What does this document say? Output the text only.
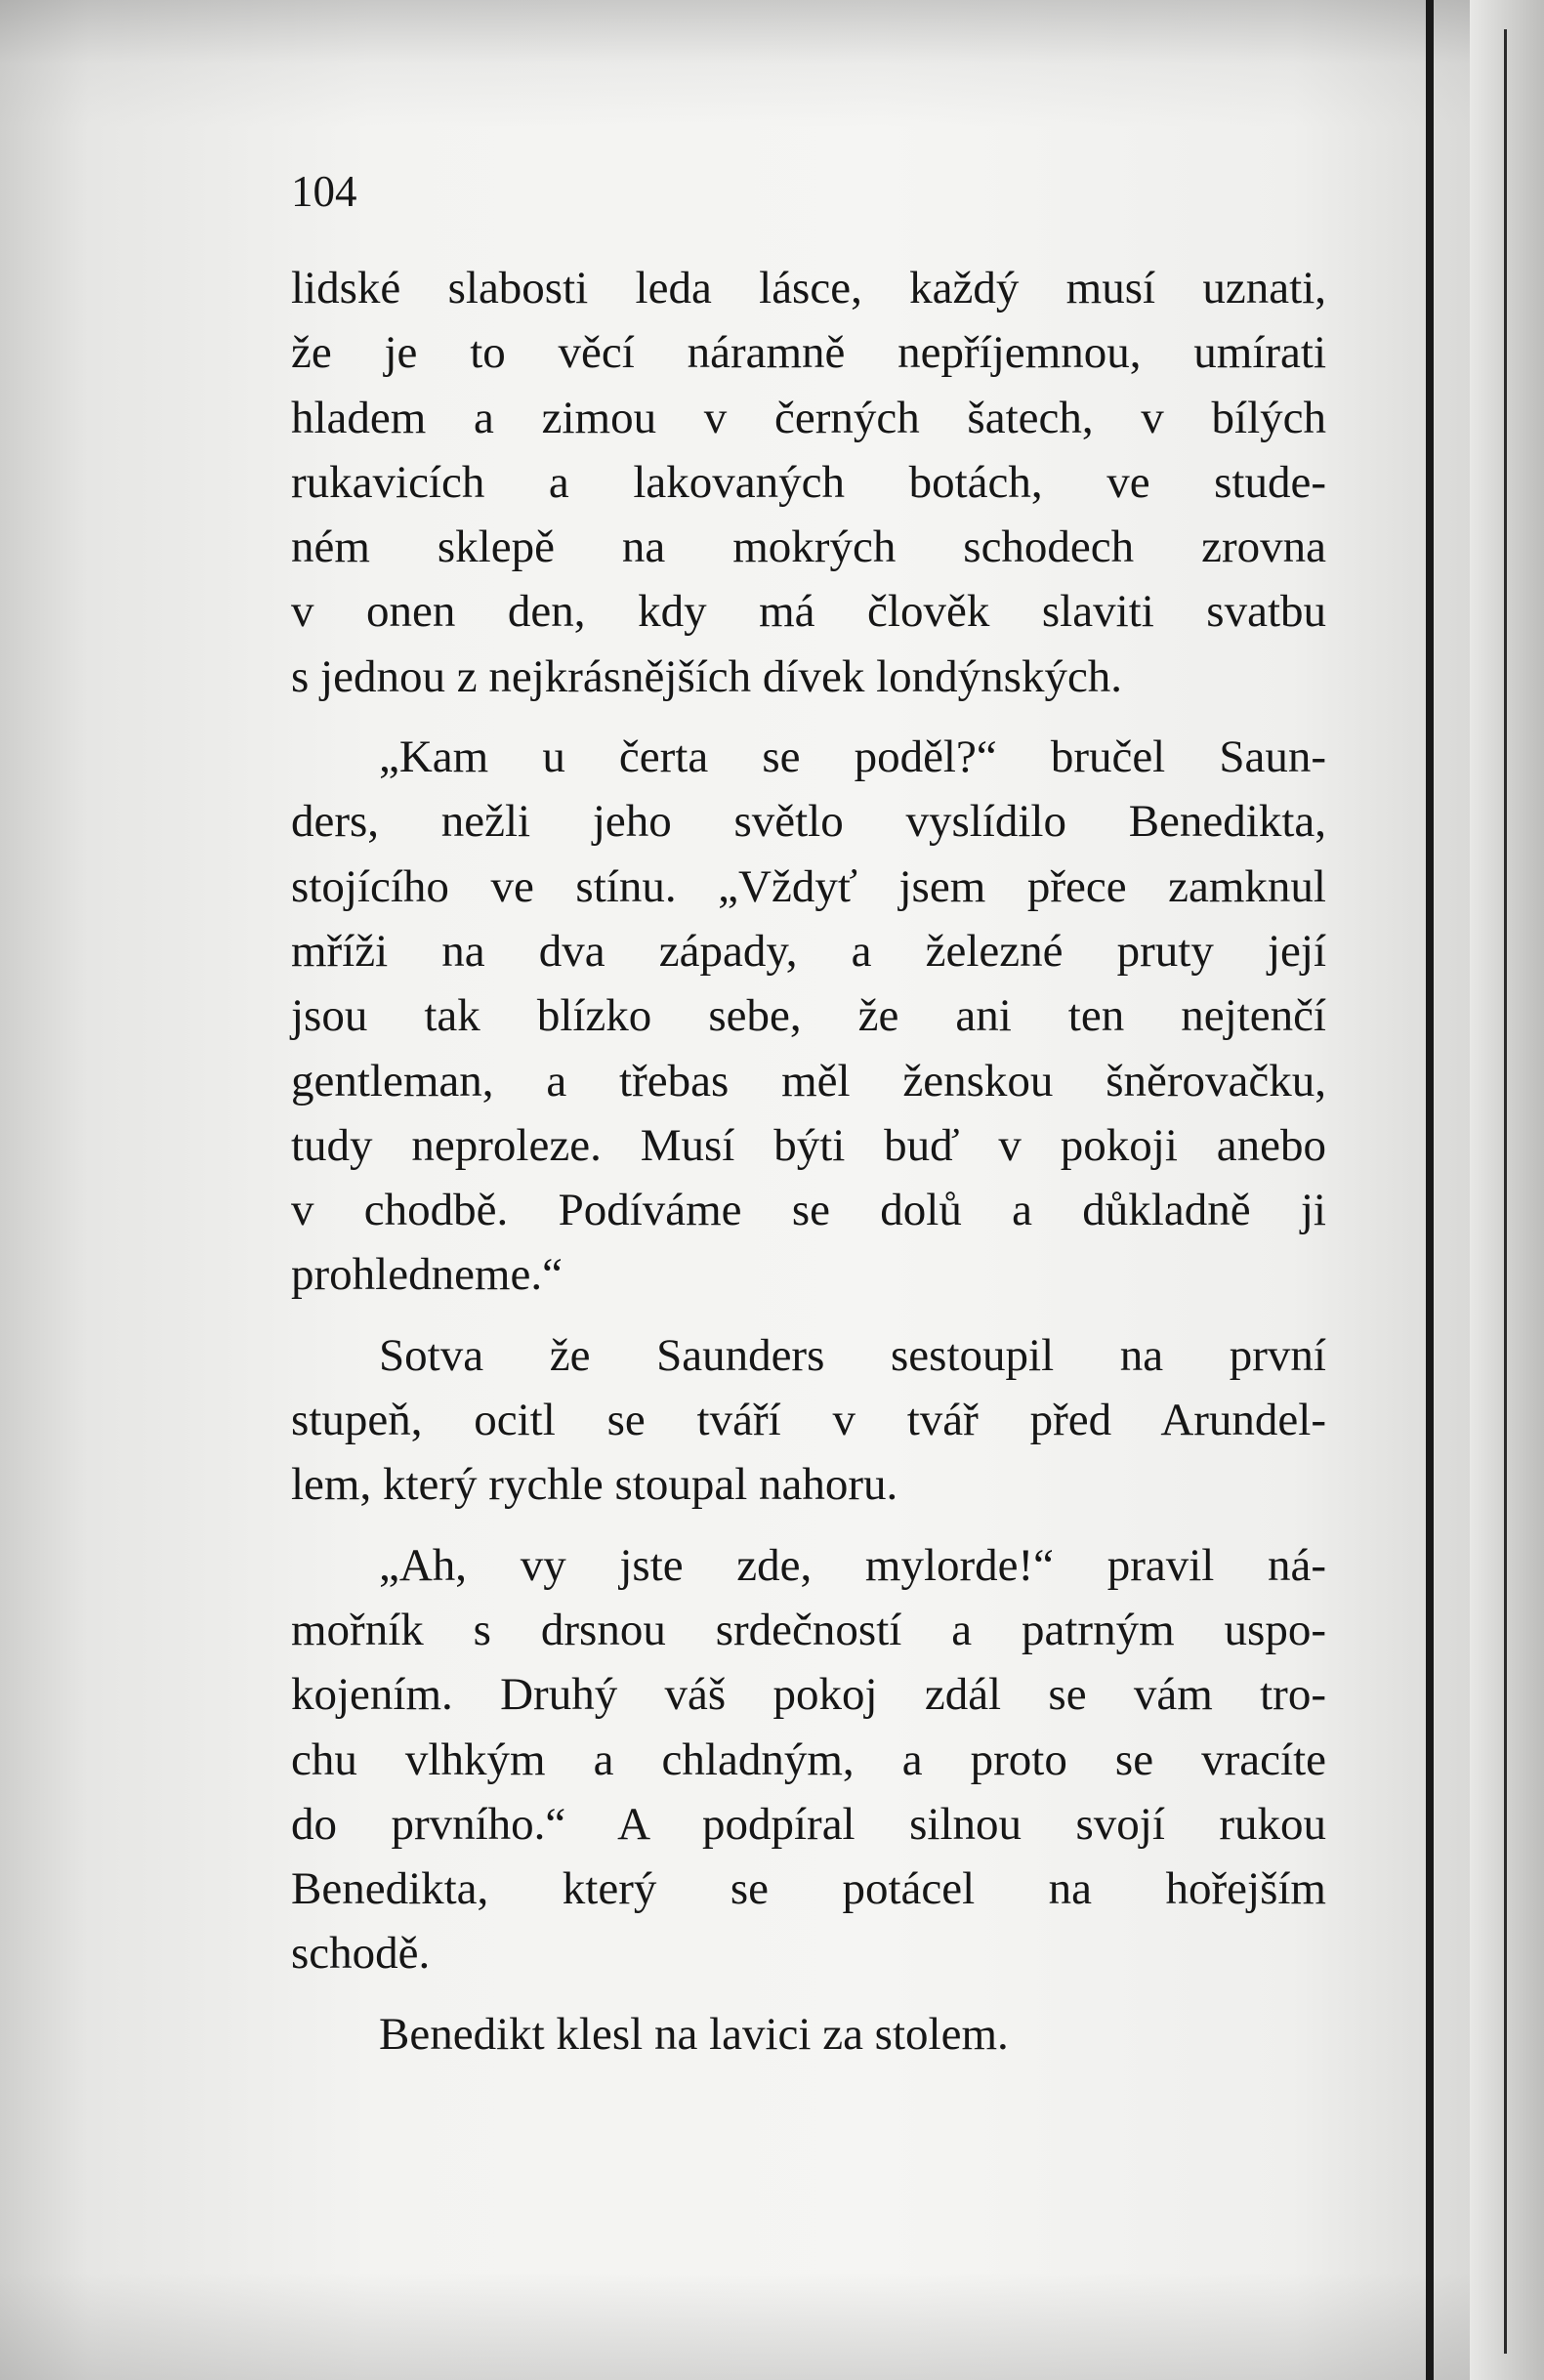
104

lidské slabosti leda lásce, každý musí uznati,
že je to věcí náramně nepříjemnou, umírati
hladem a zimou v černých šatech, v bílých
rukavicích a lakovaných botách, ve stude-
ném sklepě na mokrých schodech zrovna
v onen den, kdy má člověk slaviti svatbu
s jednou z nejkrásnějších dívek londýnských.
„Kam u čerta se poděl?“ bručel Saun-
ders, nežli jeho světlo vyslídilo Benedikta,
stojícího ve stínu. „Vždyť jsem přece zamknul
mříži na dva západy, a železné pruty její
jsou tak blízko sebe, že ani ten nejtenčí
gentleman, a třebas měl ženskou šněrovačku,
tudy neproleze. Musí býti buď v pokoji anebo
v chodbě. Podíváme se dolů a důkladně ji
prohledneme.“
Sotva že Saunders sestoupil na první
stupeň, ocitl se tváří v tvář před Arundel-
lem, který rychle stoupal nahoru.
„Ah, vy jste zde, mylorde!“ pravil ná-
mořník s drsnou srdečností a patrným uspo-
kojením. Druhý váš pokoj zdál se vám tro-
chu vlhkým a chladným, a proto se vracíte
do prvního.“ A podpíral silnou svojí rukou
Benedikta, který se potácel na hořejším
schodě.
Benedikt klesl na lavici za stolem.
